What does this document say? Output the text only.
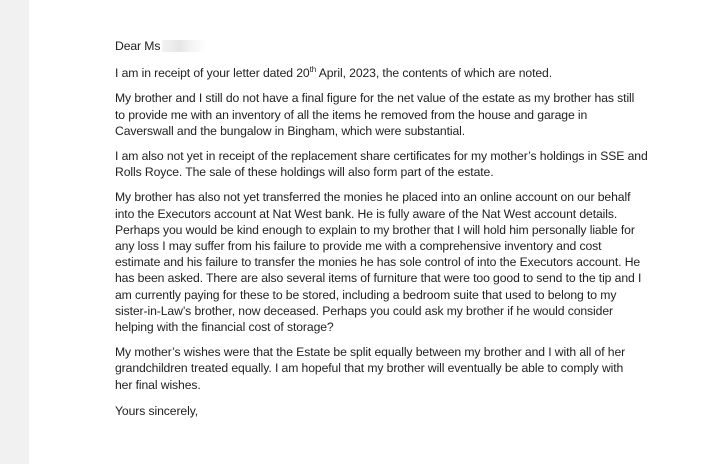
Dear Ms
I am in receipt of your letter dated 20th April, 2023, the contents of which are noted.
My brother and I still do not have a final figure for the net value of the estate as my brother has still
to provide me with an inventory of all the items he removed from the house and garage in
Caverswall and the bungalow in Bingham, which were substantial.
I am also not yet in receipt of the replacement share certificates for my mother’s holdings in SSE and
Rolls Royce. The sale of these holdings will also form part of the estate.
My brother has also not yet transferred the monies he placed into an online account on our behalf
into the Executors account at Nat West bank. He is fully aware of the Nat West account details.
Perhaps you would be kind enough to explain to my brother that I will hold him personally liable for
any loss I may suffer from his failure to provide me with a comprehensive inventory and cost
estimate and his failure to transfer the monies he has sole control of into the Executors account. He
has been asked. There are also several items of furniture that were too good to send to the tip and I
am currently paying for these to be stored, including a bedroom suite that used to belong to my
sister-in-Law’s brother, now deceased. Perhaps you could ask my brother if he would consider
helping with the financial cost of storage?
My mother’s wishes were that the Estate be split equally between my brother and I with all of her
grandchildren treated equally. I am hopeful that my brother will eventually be able to comply with
her final wishes.
Yours sincerely,
